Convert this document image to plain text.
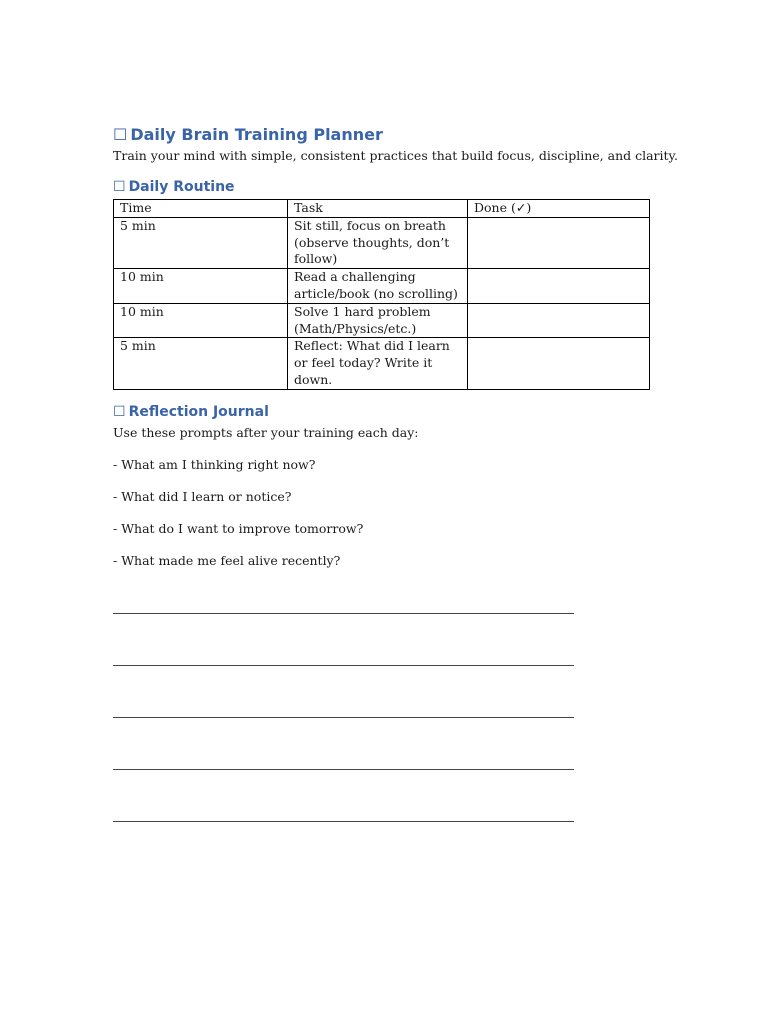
☐ Daily Brain Training Planner

Train your mind with simple, consistent practices that build focus, discipline, and clarity.

☐ Daily Routine
Time	Task	Done (✓)
5 min	Sit still, focus on breath (observe thoughts, don’t follow)	
10 min	Read a challenging article/book (no scrolling)	
10 min	Solve 1 hard problem (Math/Physics/etc.)	
5 min	Reflect: What did I learn or feel today? Write it down.	
☐ Reflection Journal

Use these prompts after your training each day:

- What am I thinking right now?

- What did I learn or notice?

- What do I want to improve tomorrow?

- What made me feel alive recently?
